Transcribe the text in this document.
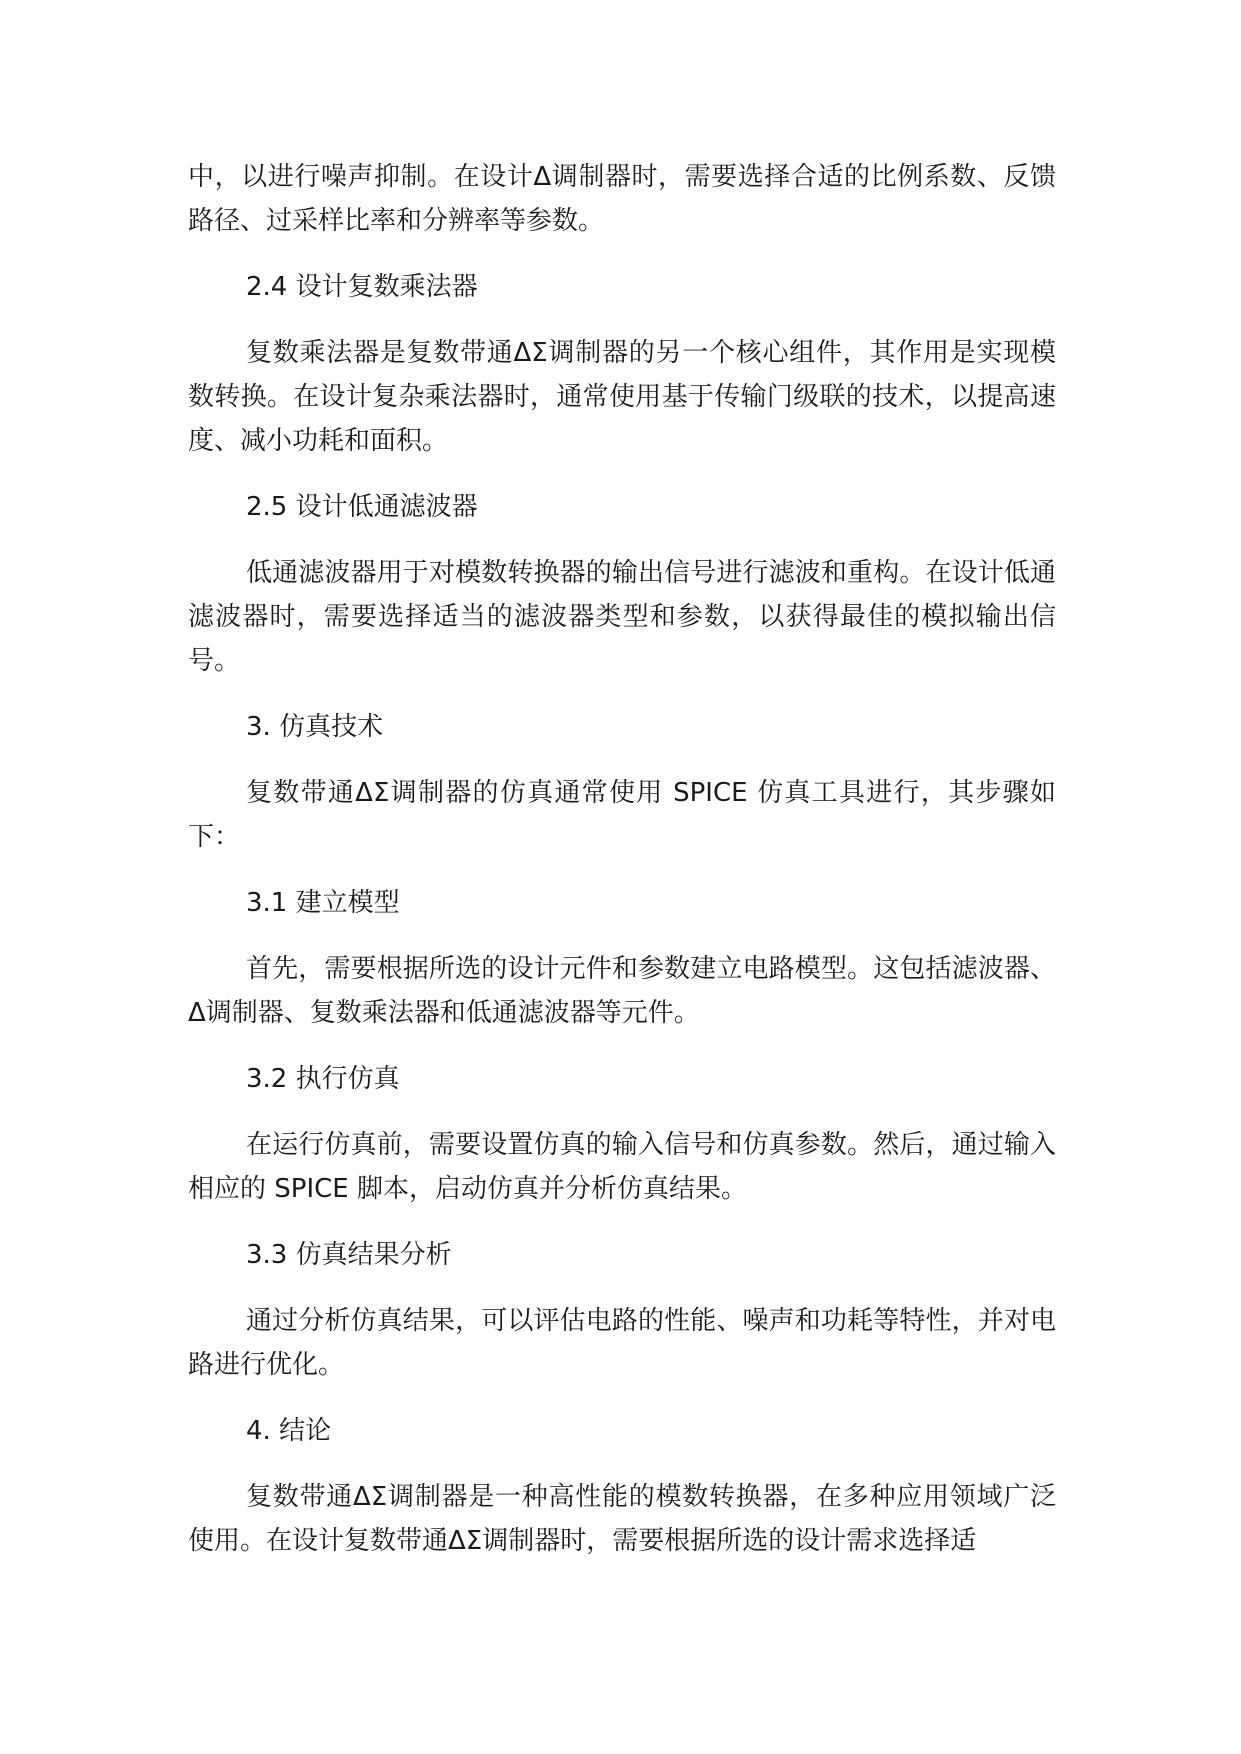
中，以进行噪声抑制。在设计Δ调制器时，需要选择合适的比例系数、反馈路径、过采样比率和分辨率等参数。

2.4 设计复数乘法器

复数乘法器是复数带通ΔΣ调制器的另一个核心组件，其作用是实现模数转换。在设计复杂乘法器时，通常使用基于传输门级联的技术，以提高速度、减小功耗和面积。

2.5 设计低通滤波器

低通滤波器用于对模数转换器的输出信号进行滤波和重构。在设计低通滤波器时，需要选择适当的滤波器类型和参数，以获得最佳的模拟输出信号。

3. 仿真技术

复数带通ΔΣ调制器的仿真通常使用 SPICE 仿真工具进行，其步骤如下：

3.1 建立模型

首先，需要根据所选的设计元件和参数建立电路模型。这包括滤波器、Δ调制器、复数乘法器和低通滤波器等元件。

3.2 执行仿真

在运行仿真前，需要设置仿真的输入信号和仿真参数。然后，通过输入相应的 SPICE 脚本，启动仿真并分析仿真结果。

3.3 仿真结果分析

通过分析仿真结果，可以评估电路的性能、噪声和功耗等特性，并对电路进行优化。

4. 结论

复数带通ΔΣ调制器是一种高性能的模数转换器，在多种应用领域广泛使用。在设计复数带通ΔΣ调制器时，需要根据所选的设计需求选择适
